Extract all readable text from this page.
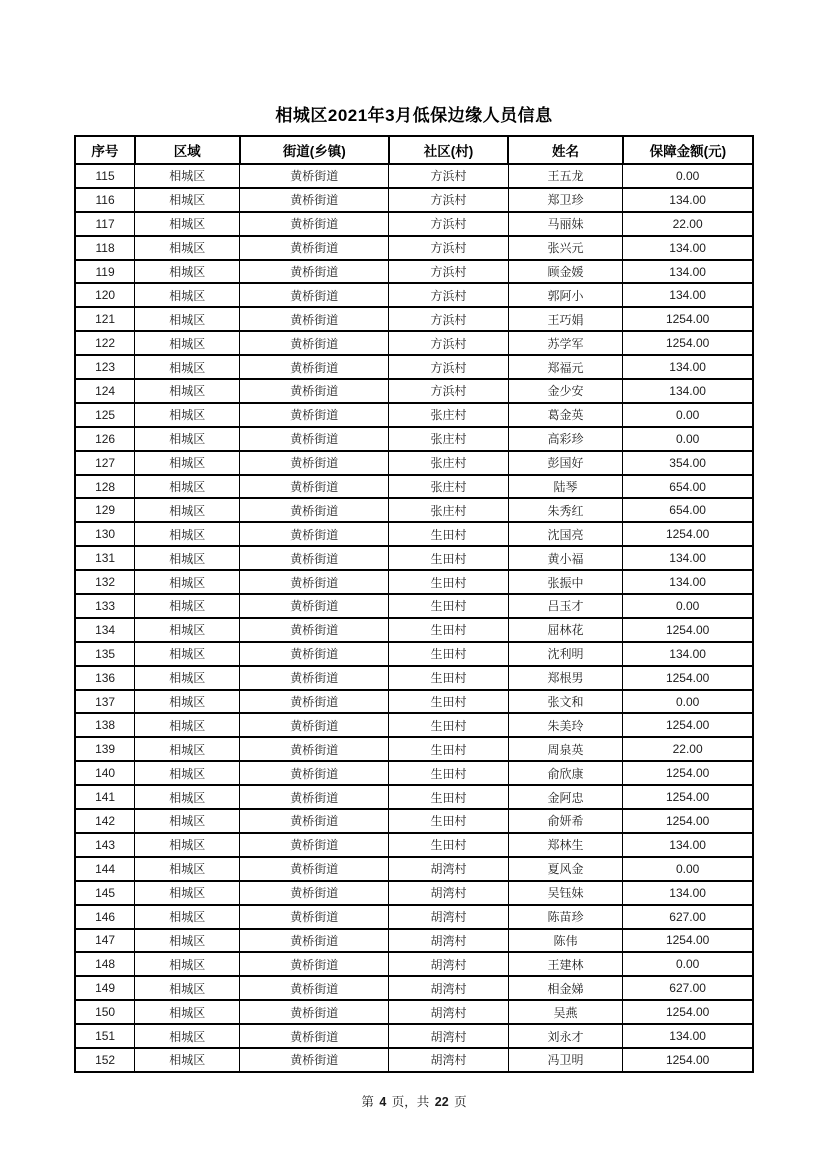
相城区2021年3月低保边缘人员信息
序号	区域	街道(乡镇)	社区(村)	姓名	保障金额(元)
115	相城区	黄桥街道	方浜村	王五龙	0.00
116	相城区	黄桥街道	方浜村	郑卫珍	134.00
117	相城区	黄桥街道	方浜村	马丽妹	22.00
118	相城区	黄桥街道	方浜村	张兴元	134.00
119	相城区	黄桥街道	方浜村	顾金媛	134.00
120	相城区	黄桥街道	方浜村	郭阿小	134.00
121	相城区	黄桥街道	方浜村	王巧娟	1254.00
122	相城区	黄桥街道	方浜村	苏学军	1254.00
123	相城区	黄桥街道	方浜村	郑福元	134.00
124	相城区	黄桥街道	方浜村	金少安	134.00
125	相城区	黄桥街道	张庄村	葛金英	0.00
126	相城区	黄桥街道	张庄村	高彩珍	0.00
127	相城区	黄桥街道	张庄村	彭国好	354.00
128	相城区	黄桥街道	张庄村	陆琴	654.00
129	相城区	黄桥街道	张庄村	朱秀红	654.00
130	相城区	黄桥街道	生田村	沈国亮	1254.00
131	相城区	黄桥街道	生田村	黄小福	134.00
132	相城区	黄桥街道	生田村	张振中	134.00
133	相城区	黄桥街道	生田村	吕玉才	0.00
134	相城区	黄桥街道	生田村	屈林花	1254.00
135	相城区	黄桥街道	生田村	沈利明	134.00
136	相城区	黄桥街道	生田村	郑根男	1254.00
137	相城区	黄桥街道	生田村	张文和	0.00
138	相城区	黄桥街道	生田村	朱美玲	1254.00
139	相城区	黄桥街道	生田村	周泉英	22.00
140	相城区	黄桥街道	生田村	俞欣康	1254.00
141	相城区	黄桥街道	生田村	金阿忠	1254.00
142	相城区	黄桥街道	生田村	俞妍希	1254.00
143	相城区	黄桥街道	生田村	郑林生	134.00
144	相城区	黄桥街道	胡湾村	夏风金	0.00
145	相城区	黄桥街道	胡湾村	吴钰妹	134.00
146	相城区	黄桥街道	胡湾村	陈苗珍	627.00
147	相城区	黄桥街道	胡湾村	陈伟	1254.00
148	相城区	黄桥街道	胡湾村	王建林	0.00
149	相城区	黄桥街道	胡湾村	相金娣	627.00
150	相城区	黄桥街道	胡湾村	吴燕	1254.00
151	相城区	黄桥街道	胡湾村	刘永才	134.00
152	相城区	黄桥街道	胡湾村	冯卫明	1254.00
第 4 页，共 22 页
